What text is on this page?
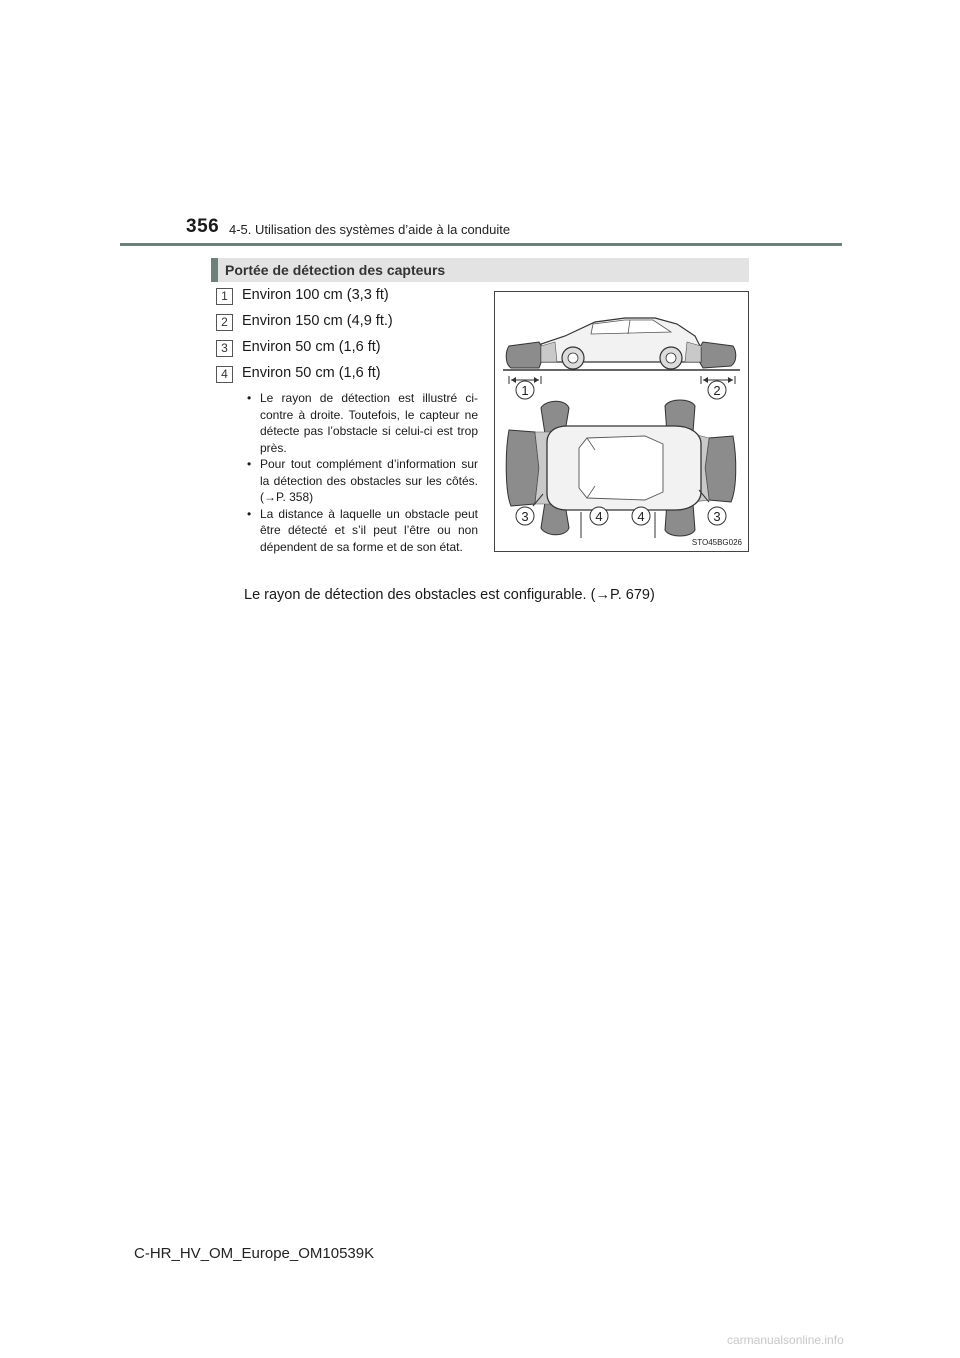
356 4-5. Utilisation des systèmes d’aide à la conduite
Portée de détection des capteurs
1 Environ 100 cm (3,3 ft)
2 Environ 150 cm (4,9 ft.)
3 Environ 50 cm (1,6 ft)
4 Environ 50 cm (1,6 ft)
• Le rayon de détection est illustré ci-contre à droite. Toutefois, le capteur ne détecte pas l’obstacle si celui-ci est trop près.
• Pour tout complément d’information sur la détection des obstacles sur les côtés. (→P. 358)
• La distance à laquelle un obstacle peut être détecté et s’il peut l’être ou non dépendent de sa forme et de son état.
Le rayon de détection des obstacles est configurable. (→P. 679)
1	2
3	4	4	3
STO45BG026
C-HR_HV_OM_Europe_OM10539K
carmanualsonline.info
